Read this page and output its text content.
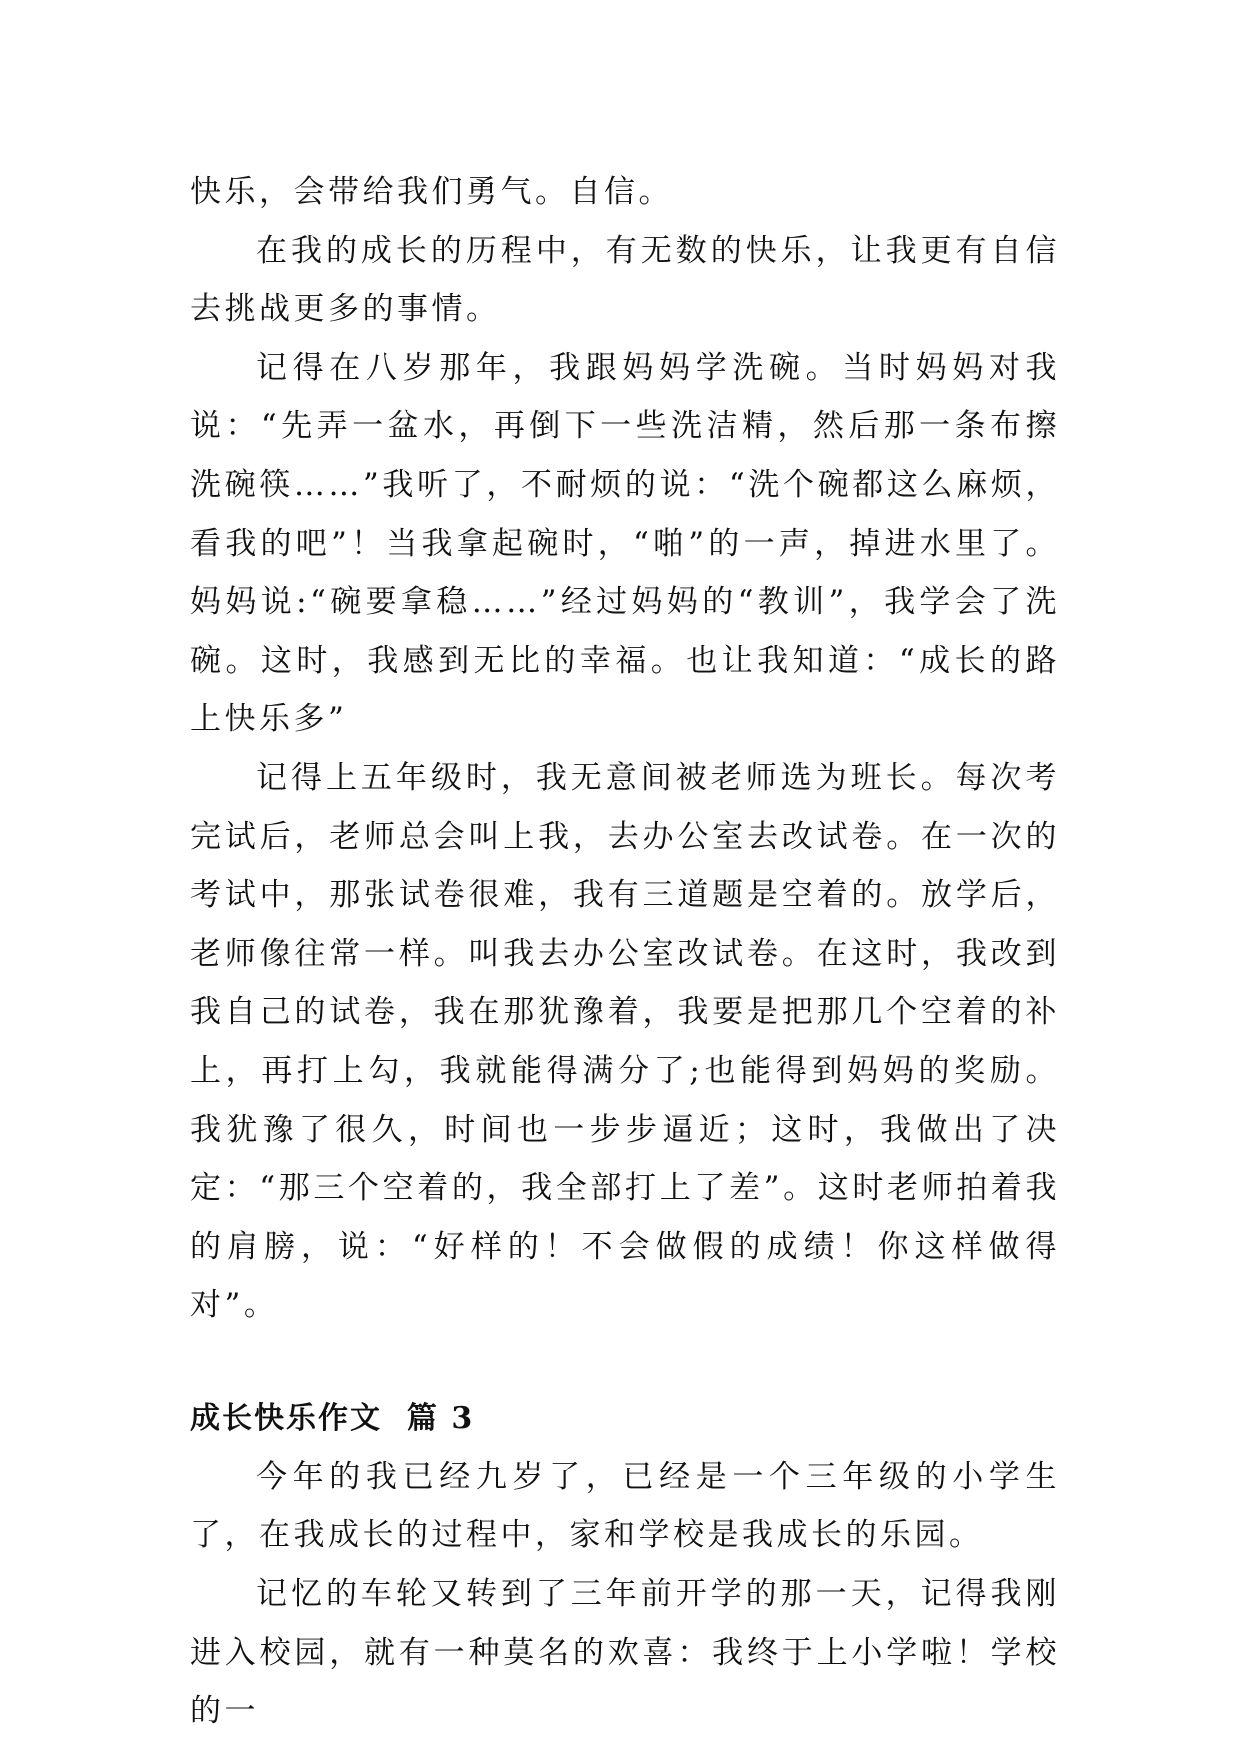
快乐，会带给我们勇气。自信。

在我的成长的历程中，有无数的快乐，让我更有自信去挑战更多的事情。

记得在八岁那年，我跟妈妈学洗碗。当时妈妈对我说：“先弄一盆水，再倒下一些洗洁精，然后那一条布擦洗碗筷……”我听了，不耐烦的说：“洗个碗都这么麻烦，看我的吧”！当我拿起碗时，“啪”的一声，掉进水里了。妈妈说:“碗要拿稳……”经过妈妈的“教训”，我学会了洗碗。这时，我感到无比的幸福。也让我知道：“成长的路上快乐多”

记得上五年级时，我无意间被老师选为班长。每次考完试后，老师总会叫上我，去办公室去改试卷。在一次的考试中，那张试卷很难，我有三道题是空着的。放学后，老师像往常一样。叫我去办公室改试卷。在这时，我改到我自己的试卷，我在那犹豫着，我要是把那几个空着的补上，再打上勾，我就能得满分了;也能得到妈妈的奖励。我犹豫了很久，时间也一步步逼近；这时，我做出了决定：“那三个空着的，我全部打上了差”。这时老师拍着我的肩膀，说：“好样的！不会做假的成绩！你这样做得对”。

成长快乐作文  篇 3

今年的我已经九岁了，已经是一个三年级的小学生了，在我成长的过程中，家和学校是我成长的乐园。

记忆的车轮又转到了三年前开学的那一天，记得我刚进入校园，就有一种莫名的欢喜：我终于上小学啦！学校的一
